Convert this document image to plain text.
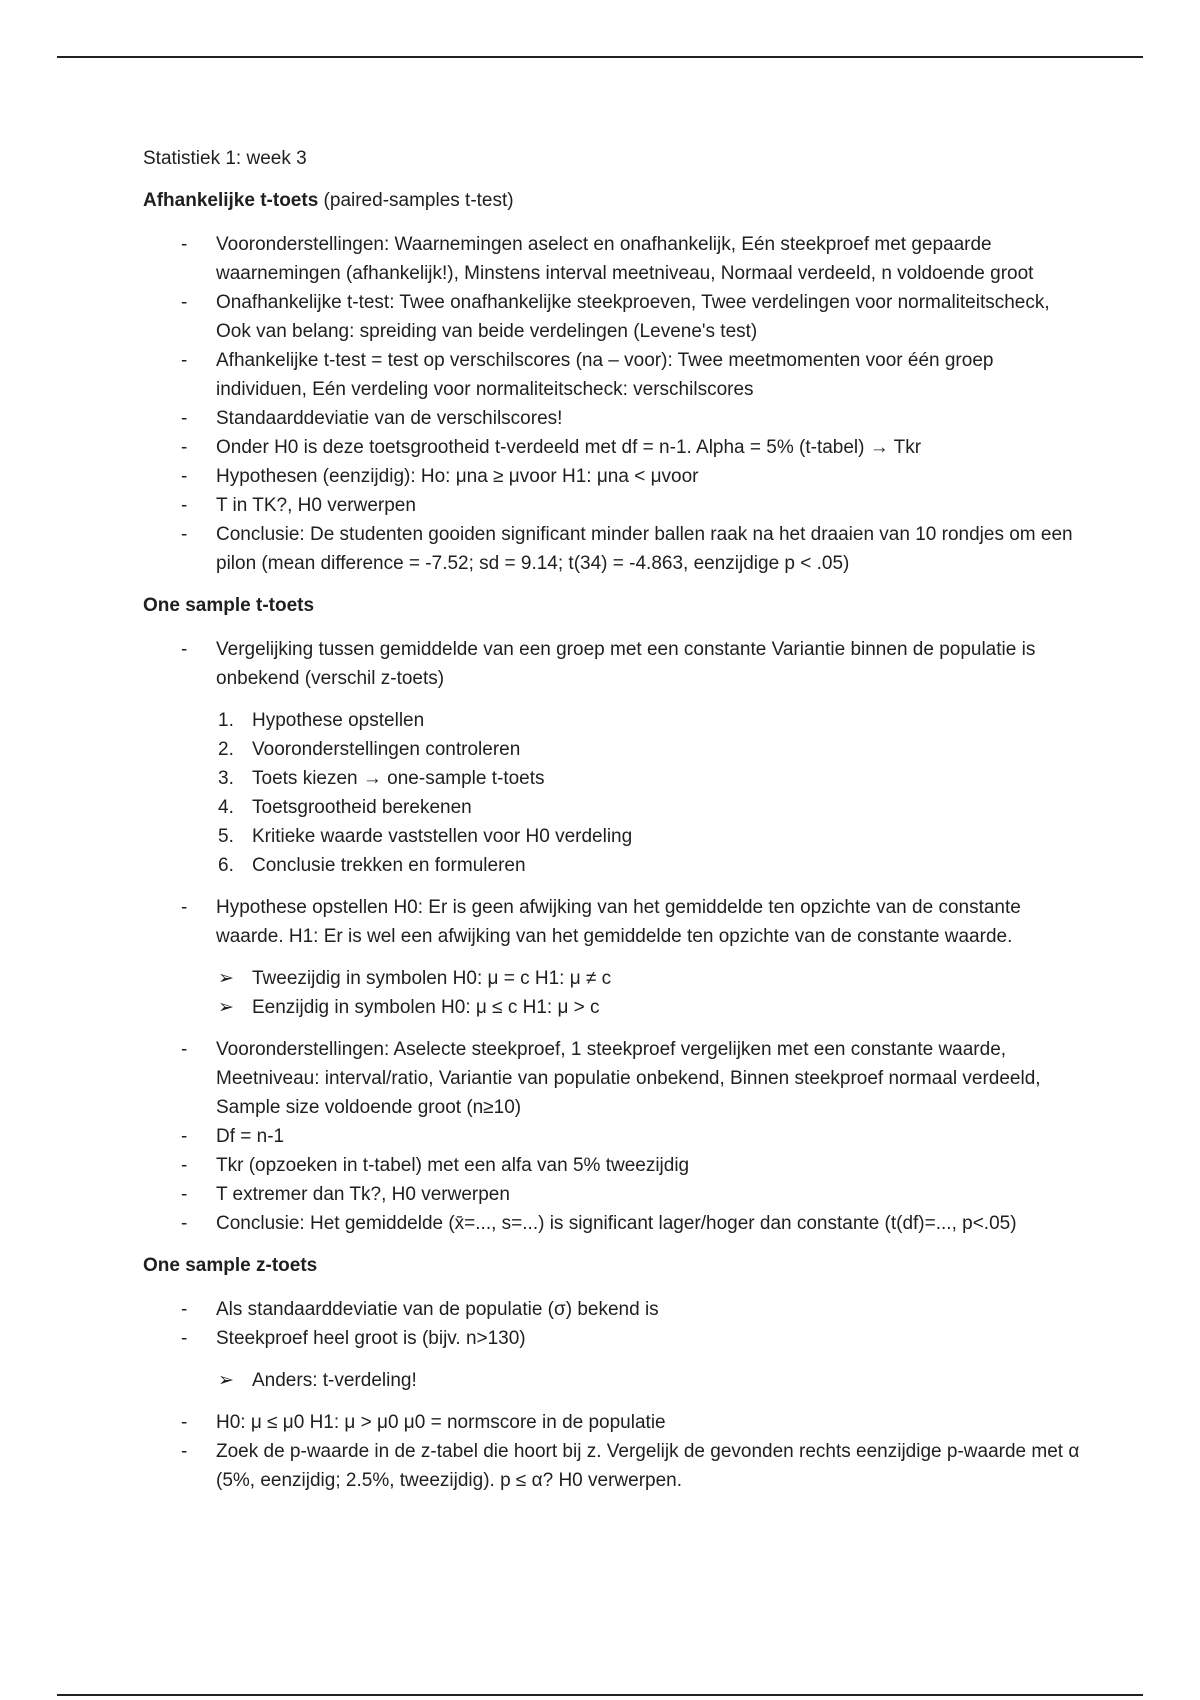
Statistiek 1: week 3

Afhankelijke t-toets (paired-samples t-test)

- Vooronderstellingen: Waarnemingen aselect en onafhankelijk, Eén steekproef met gepaarde waarnemingen (afhankelijk!), Minstens interval meetniveau, Normaal verdeeld, n voldoende groot
- Onafhankelijke t-test: Twee onafhankelijke steekproeven, Twee verdelingen voor normaliteitscheck, Ook van belang: spreiding van beide verdelingen (Levene's test)
- Afhankelijke t-test = test op verschilscores (na – voor): Twee meetmomenten voor één groep individuen, Eén verdeling voor normaliteitscheck: verschilscores
- Standaarddeviatie van de verschilscores!
- Onder H0 is deze toetsgrootheid t-verdeeld met df = n-1. Alpha = 5% (t-tabel) → Tkr
- Hypothesen (eenzijdig): Ho: μna ≥ μvoor H1: μna < μvoor
- T in TK?, H0 verwerpen
- Conclusie: De studenten gooiden significant minder ballen raak na het draaien van 10 rondjes om een pilon (mean difference = -7.52; sd = 9.14; t(34) = -4.863, eenzijdige p < .05)

One sample t-toets

- Vergelijking tussen gemiddelde van een groep met een constante Variantie binnen de populatie is onbekend (verschil z-toets)
1. Hypothese opstellen
2. Vooronderstellingen controleren
3. Toets kiezen → one-sample t-toets
4. Toetsgrootheid berekenen
5. Kritieke waarde vaststellen voor H0 verdeling
6. Conclusie trekken en formuleren
- Hypothese opstellen H0: Er is geen afwijking van het gemiddelde ten opzichte van de constante waarde. H1: Er is wel een afwijking van het gemiddelde ten opzichte van de constante waarde.
➢ Tweezijdig in symbolen H0: μ = c H1: μ ≠ c
➢ Eenzijdig in symbolen H0: μ ≤ c H1: μ > c
- Vooronderstellingen: Aselecte steekproef, 1 steekproef vergelijken met een constante waarde, Meetniveau: interval/ratio, Variantie van populatie onbekend, Binnen steekproef normaal verdeeld, Sample size voldoende groot (n≥10)
- Df = n-1
- Tkr (opzoeken in t-tabel) met een alfa van 5% tweezijdig
- T extremer dan Tk?, H0 verwerpen
- Conclusie: Het gemiddelde (x̄=..., s=...) is significant lager/hoger dan constante (t(df)=..., p<.05)

One sample z-toets

- Als standaarddeviatie van de populatie (σ) bekend is
- Steekproef heel groot is (bijv. n>130)
➢ Anders: t-verdeling!
- H0: μ ≤ μ0 H1: μ > μ0 μ0 = normscore in de populatie
- Zoek de p-waarde in de z-tabel die hoort bij z. Vergelijk de gevonden rechts eenzijdige p-waarde met α (5%, eenzijdig; 2.5%, tweezijdig). p ≤ α? H0 verwerpen.
